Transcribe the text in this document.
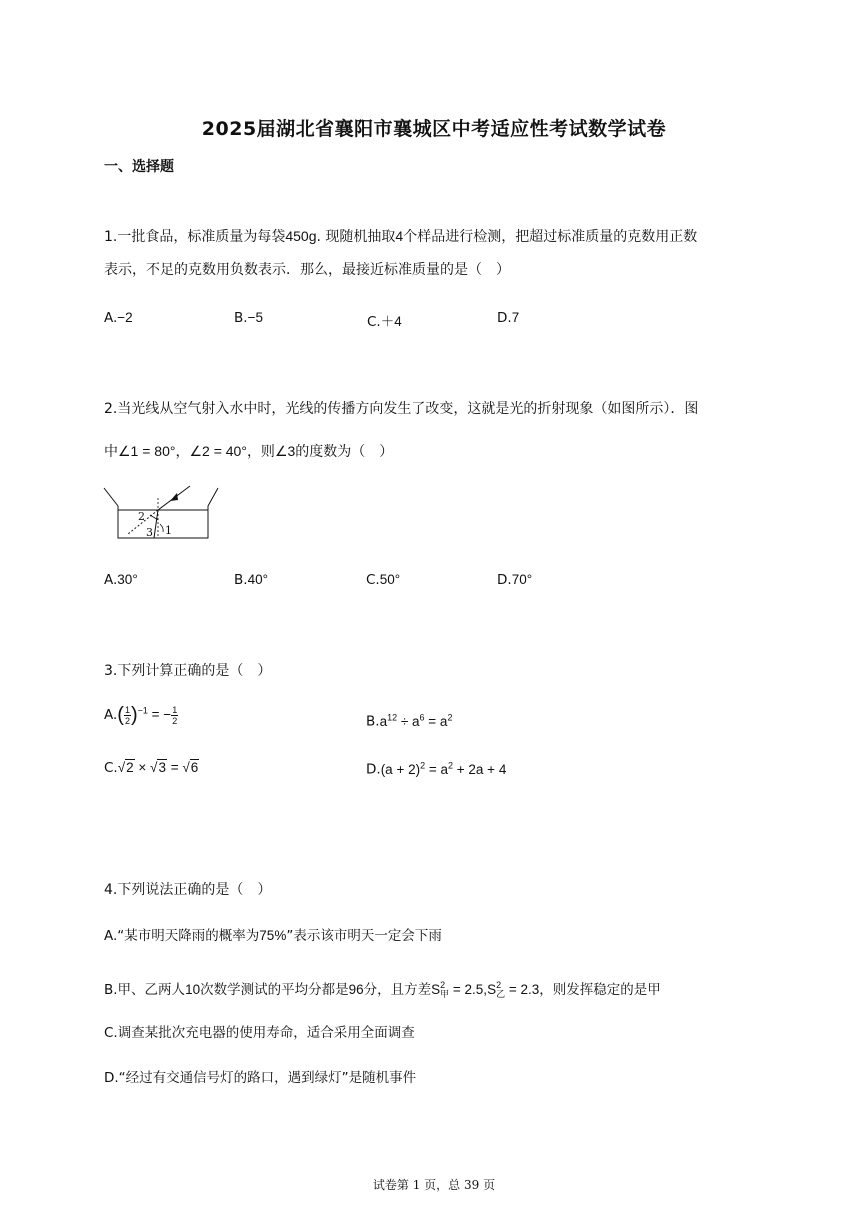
2025届湖北省襄阳市襄城区中考适应性考试数学试卷
一、选择题
1.一批食品，标准质量为每袋450g. 现随机抽取4个样品进行检测，把超过标准质量的克数用正数
表示，不足的克数用负数表示．那么，最接近标准质量的是（　）
A.−2	B.−5	C.＋4	D.7
2.当光线从空气射入水中时，光线的传播方向发生了改变，这就是光的折射现象（如图所示）．图
中∠1 = 80°，∠2 = 40°，则∠3的度数为（　）
2
3 1
A.30°	B.40°	C.50°	D.70°
3.下列计算正确的是（　）
$A.( \frac{1}{2} )^{-1}$ = − $\frac{1}{2}$	$B.a^{12} \div a^6 = a^2$
C.√2 × √3 = √6	$D.(a + 2)^2 = a^2 + 2a + 4$
4.下列说法正确的是（　）
A.“某市明天降雨的概率为75%”表示该市明天一定会下雨
B.甲、乙两人10次数学测试的平均分都是96分，且方差S 2
甲 = 2.5,S 2
乙 = 2.3，则发挥稳定的是甲
C.调查某批次充电器的使用寿命，适合采用全面调查
D.“经过有交通信号灯的路口，遇到绿灯”是随机事件
试卷第 1 页，总 39 页
